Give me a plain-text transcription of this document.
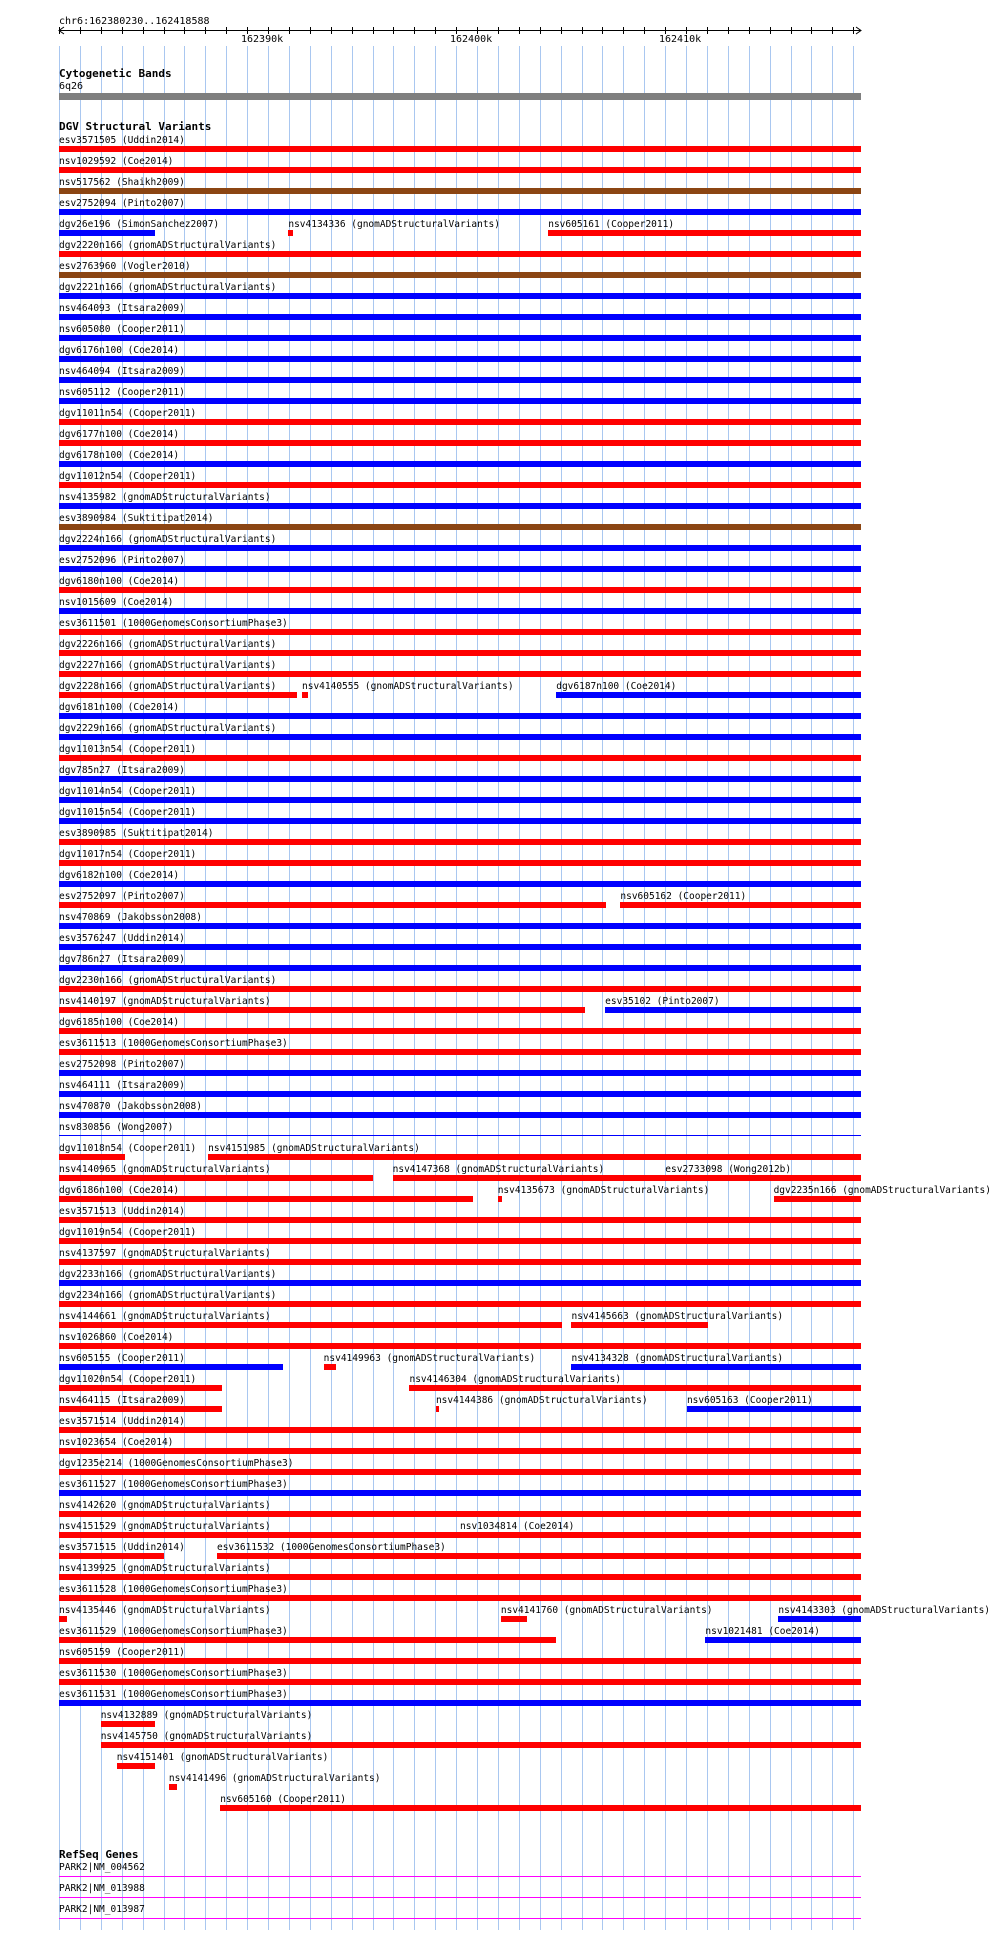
chr6:162380230..162418588
162390k	162400k	162410k
Cytogenetic Bands
6q26
DGV Structural Variants
esv3571505 (Uddin2014)
nsv1029592 (Coe2014)
nsv517562 (Shaikh2009)
esv2752094 (Pinto2007)
dgv26e196 (SimonSanchez2007)	nsv4134336 (gnomADStructuralVariants)	nsv605161 (Cooper2011)
dgv2220n166 (gnomADStructuralVariants)
esv2763960 (Vogler2010)
dgv2221n166 (gnomADStructuralVariants)
nsv464093 (Itsara2009)
nsv605080 (Cooper2011)
dgv6176n100 (Coe2014)
nsv464094 (Itsara2009)
nsv605112 (Cooper2011)
dgv11011n54 (Cooper2011)
dgv6177n100 (Coe2014)
dgv6178n100 (Coe2014)
dgv11012n54 (Cooper2011)
nsv4135982 (gnomADStructuralVariants)
esv3890984 (Suktitipat2014)
dgv2224n166 (gnomADStructuralVariants)
esv2752096 (Pinto2007)
dgv6180n100 (Coe2014)
nsv1015609 (Coe2014)
esv3611501 (1000GenomesConsortiumPhase3)
dgv2226n166 (gnomADStructuralVariants)
dgv2227n166 (gnomADStructuralVariants)
dgv2228n166 (gnomADStructuralVariants)	nsv4140555 (gnomADStructuralVariants)	dgv6187n100 (Coe2014)
dgv6181n100 (Coe2014)
dgv2229n166 (gnomADStructuralVariants)
dgv11013n54 (Cooper2011)
dgv785n27 (Itsara2009)
dgv11014n54 (Cooper2011)
dgv11015n54 (Cooper2011)
esv3890985 (Suktitipat2014)
dgv11017n54 (Cooper2011)
dgv6182n100 (Coe2014)
esv2752097 (Pinto2007)	nsv605162 (Cooper2011)
nsv470869 (Jakobsson2008)
esv3576247 (Uddin2014)
dgv786n27 (Itsara2009)
dgv2230n166 (gnomADStructuralVariants)
nsv4140197 (gnomADStructuralVariants)	esv35102 (Pinto2007)
dgv6185n100 (Coe2014)
esv3611513 (1000GenomesConsortiumPhase3)
esv2752098 (Pinto2007)
nsv464111 (Itsara2009)
nsv470870 (Jakobsson2008)
nsv830856 (Wong2007)
dgv11018n54 (Cooper2011) nsv4151985 (gnomADStructuralVariants)
nsv4140965 (gnomADStructuralVariants)	nsv4147368 (gnomADStructuralVariants)	esv2733098 (Wong2012b)
dgv6186n100 (Coe2014)	nsv4135673 (gnomADStructuralVariants)	dgv2235n166 (gnomADStructuralVariants)
esv3571513 (Uddin2014)
dgv11019n54 (Cooper2011)
nsv4137597 (gnomADStructuralVariants)
dgv2233n166 (gnomADStructuralVariants)
dgv2234n166 (gnomADStructuralVariants)
nsv4144661 (gnomADStructuralVariants)	nsv4145663 (gnomADStructuralVariants)
nsv1026860 (Coe2014)
nsv605155 (Cooper2011)	nsv4149963 (gnomADStructuralVariants)	nsv4134328 (gnomADStructuralVariants)
dgv11020n54 (Cooper2011)	nsv4146304 (gnomADStructuralVariants)
nsv464115 (Itsara2009)	nsv4144386 (gnomADStructuralVariants)	nsv605163 (Cooper2011)
esv3571514 (Uddin2014)
nsv1023654 (Coe2014)
dgv1235e214 (1000GenomesConsortiumPhase3)
esv3611527 (1000GenomesConsortiumPhase3)
nsv4142620 (gnomADStructuralVariants)
nsv4151529 (gnomADStructuralVariants)	nsv1034814 (Coe2014)
esv3571515 (Uddin2014)	esv3611532 (1000GenomesConsortiumPhase3)
nsv4139925 (gnomADStructuralVariants)
esv3611528 (1000GenomesConsortiumPhase3)
nsv4135446 (gnomADStructuralVariants)	nsv4141760 (gnomADStructuralVariants)	nsv4143303 (gnomADStructuralVariants)
esv3611529 (1000GenomesConsortiumPhase3)	nsv1021481 (Coe2014)
nsv605159 (Cooper2011)
esv3611530 (1000GenomesConsortiumPhase3)
esv3611531 (1000GenomesConsortiumPhase3)
nsv4132889 (gnomADStructuralVariants)
nsv4145750 (gnomADStructuralVariants)
nsv4151401 (gnomADStructuralVariants)
nsv4141496 (gnomADStructuralVariants)
nsv605160 (Cooper2011)
RefSeq Genes
PARK2|NM_004562
PARK2|NM_013988
PARK2|NM_013987
